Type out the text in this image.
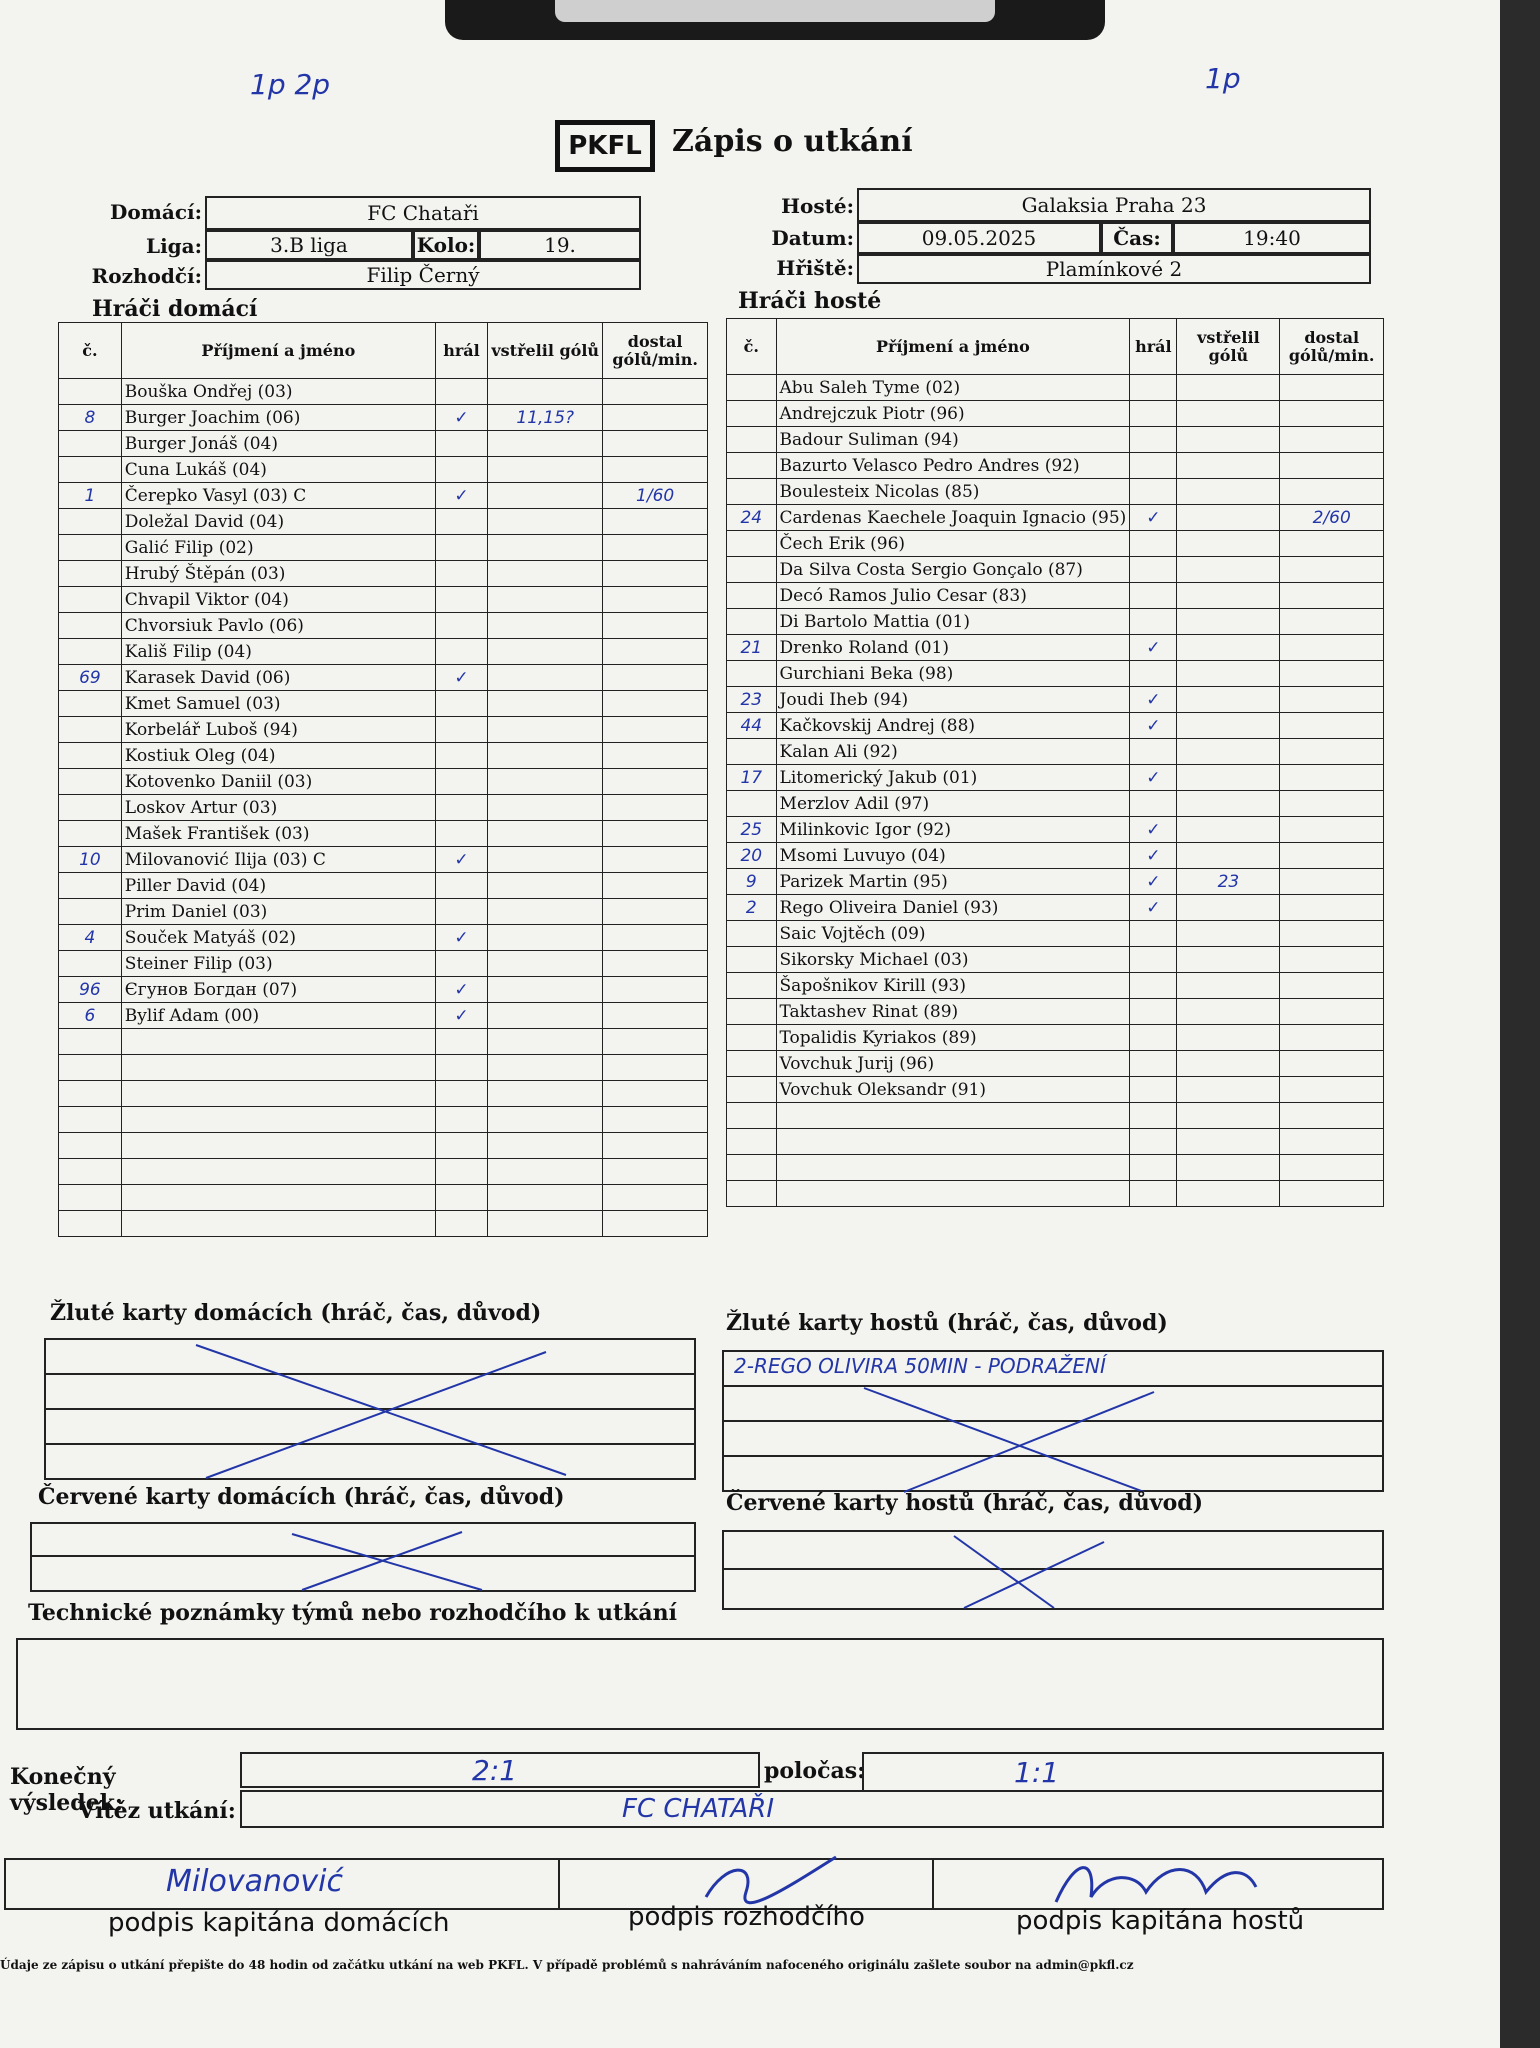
1p 2p	1p
PKFL	Zápis o utkání
Domácí:	FC Chataři
Liga:	3.B liga	Kolo:	19.
Rozhodčí:	Filip Černý
Hosté:	Galaksia Praha 23
Datum:	09.05.2025	Čas:	19:40
Hřiště:	Plamínkové 2
Hráči domácí	Hráči hosté
č.	Příjmení a jméno	hrál	vstřelil gólů	dostal gólů/min.
	Bouška Ondřej (03)			
8	Burger Joachim (06)	✓	11,15?	
	Burger Jonáš (04)			
	Cuna Lukáš (04)			
1	Čerepko Vasyl (03) C	✓		1/60
	Doležal David (04)			
	Galić Filip (02)			
	Hrubý Štěpán (03)			
	Chvapil Viktor (04)			
	Chvorsiuk Pavlo (06)			
	Kališ Filip (04)			
69	Karasek David (06)	✓		
	Kmet Samuel (03)			
	Korbelář Luboš (94)			
	Kostiuk Oleg (04)			
	Kotovenko Daniil (03)			
	Loskov Artur (03)			
	Mašek František (03)			
10	Milovanović Ilija (03) C	✓		
	Piller David (04)			
	Prim Daniel (03)			
4	Souček Matyáš (02)	✓		
	Steiner Filip (03)			
96	Єгунов Богдан (07)	✓		
6	Bylif Adam (00)	✓		

č.	Příjmení a jméno	hrál	vstřelil gólů	dostal gólů/min.
	Abu Saleh Tyme (02)			
	Andrejczuk Piotr (96)			
	Badour Suliman (94)			
	Bazurto Velasco Pedro Andres (92)			
	Boulesteix Nicolas (85)			
24	Cardenas Kaechele Joaquin Ignacio (95)	✓		2/60
	Čech Erik (96)			
	Da Silva Costa Sergio Gonçalo (87)			
	Decó Ramos Julio Cesar (83)			
	Di Bartolo Mattia (01)			
21	Drenko Roland (01)	✓		
	Gurchiani Beka (98)			
23	Joudi Iheb (94)	✓		
44	Kačkovskij Andrej (88)	✓		
	Kalan Ali (92)			
17	Litomerický Jakub (01)	✓		
	Merzlov Adil (97)			
25	Milinkovic Igor (92)	✓		
20	Msomi Luvuyo (04)	✓		
9	Parizek Martin (95)	✓	23	
2	Rego Oliveira Daniel (93)	✓		
	Saic Vojtěch (09)			
	Sikorsky Michael (03)			
	Šapošnikov Kirill (93)			
	Taktashev Rinat (89)			
	Topalidis Kyriakos (89)			
	Vovchuk Jurij (96)			
	Vovchuk Oleksandr (91)			

Žluté karty domácích (hráč, čas, důvod)	Žluté karty hostů (hráč, čas, důvod)
2-REGO OLIVIRA 50MIN - PODRAŽENÍ
Červené karty domácích (hráč, čas, důvod)	Červené karty hostů (hráč, čas, důvod)
Technické poznámky týmů nebo rozhodčího k utkání
Konečný výsledek:
2:1	poločas:	1:1
Vítěz utkání:	FC CHATAŘI
Milovanović
podpis kapitána domácích	podpis rozhodčího	podpis kapitána hostů
Údaje ze zápisu o utkání přepište do 48 hodin od začátku utkání na web PKFL. V případě problémů s nahráváním nafoceného originálu zašlete soubor na admin@pkfl.cz
